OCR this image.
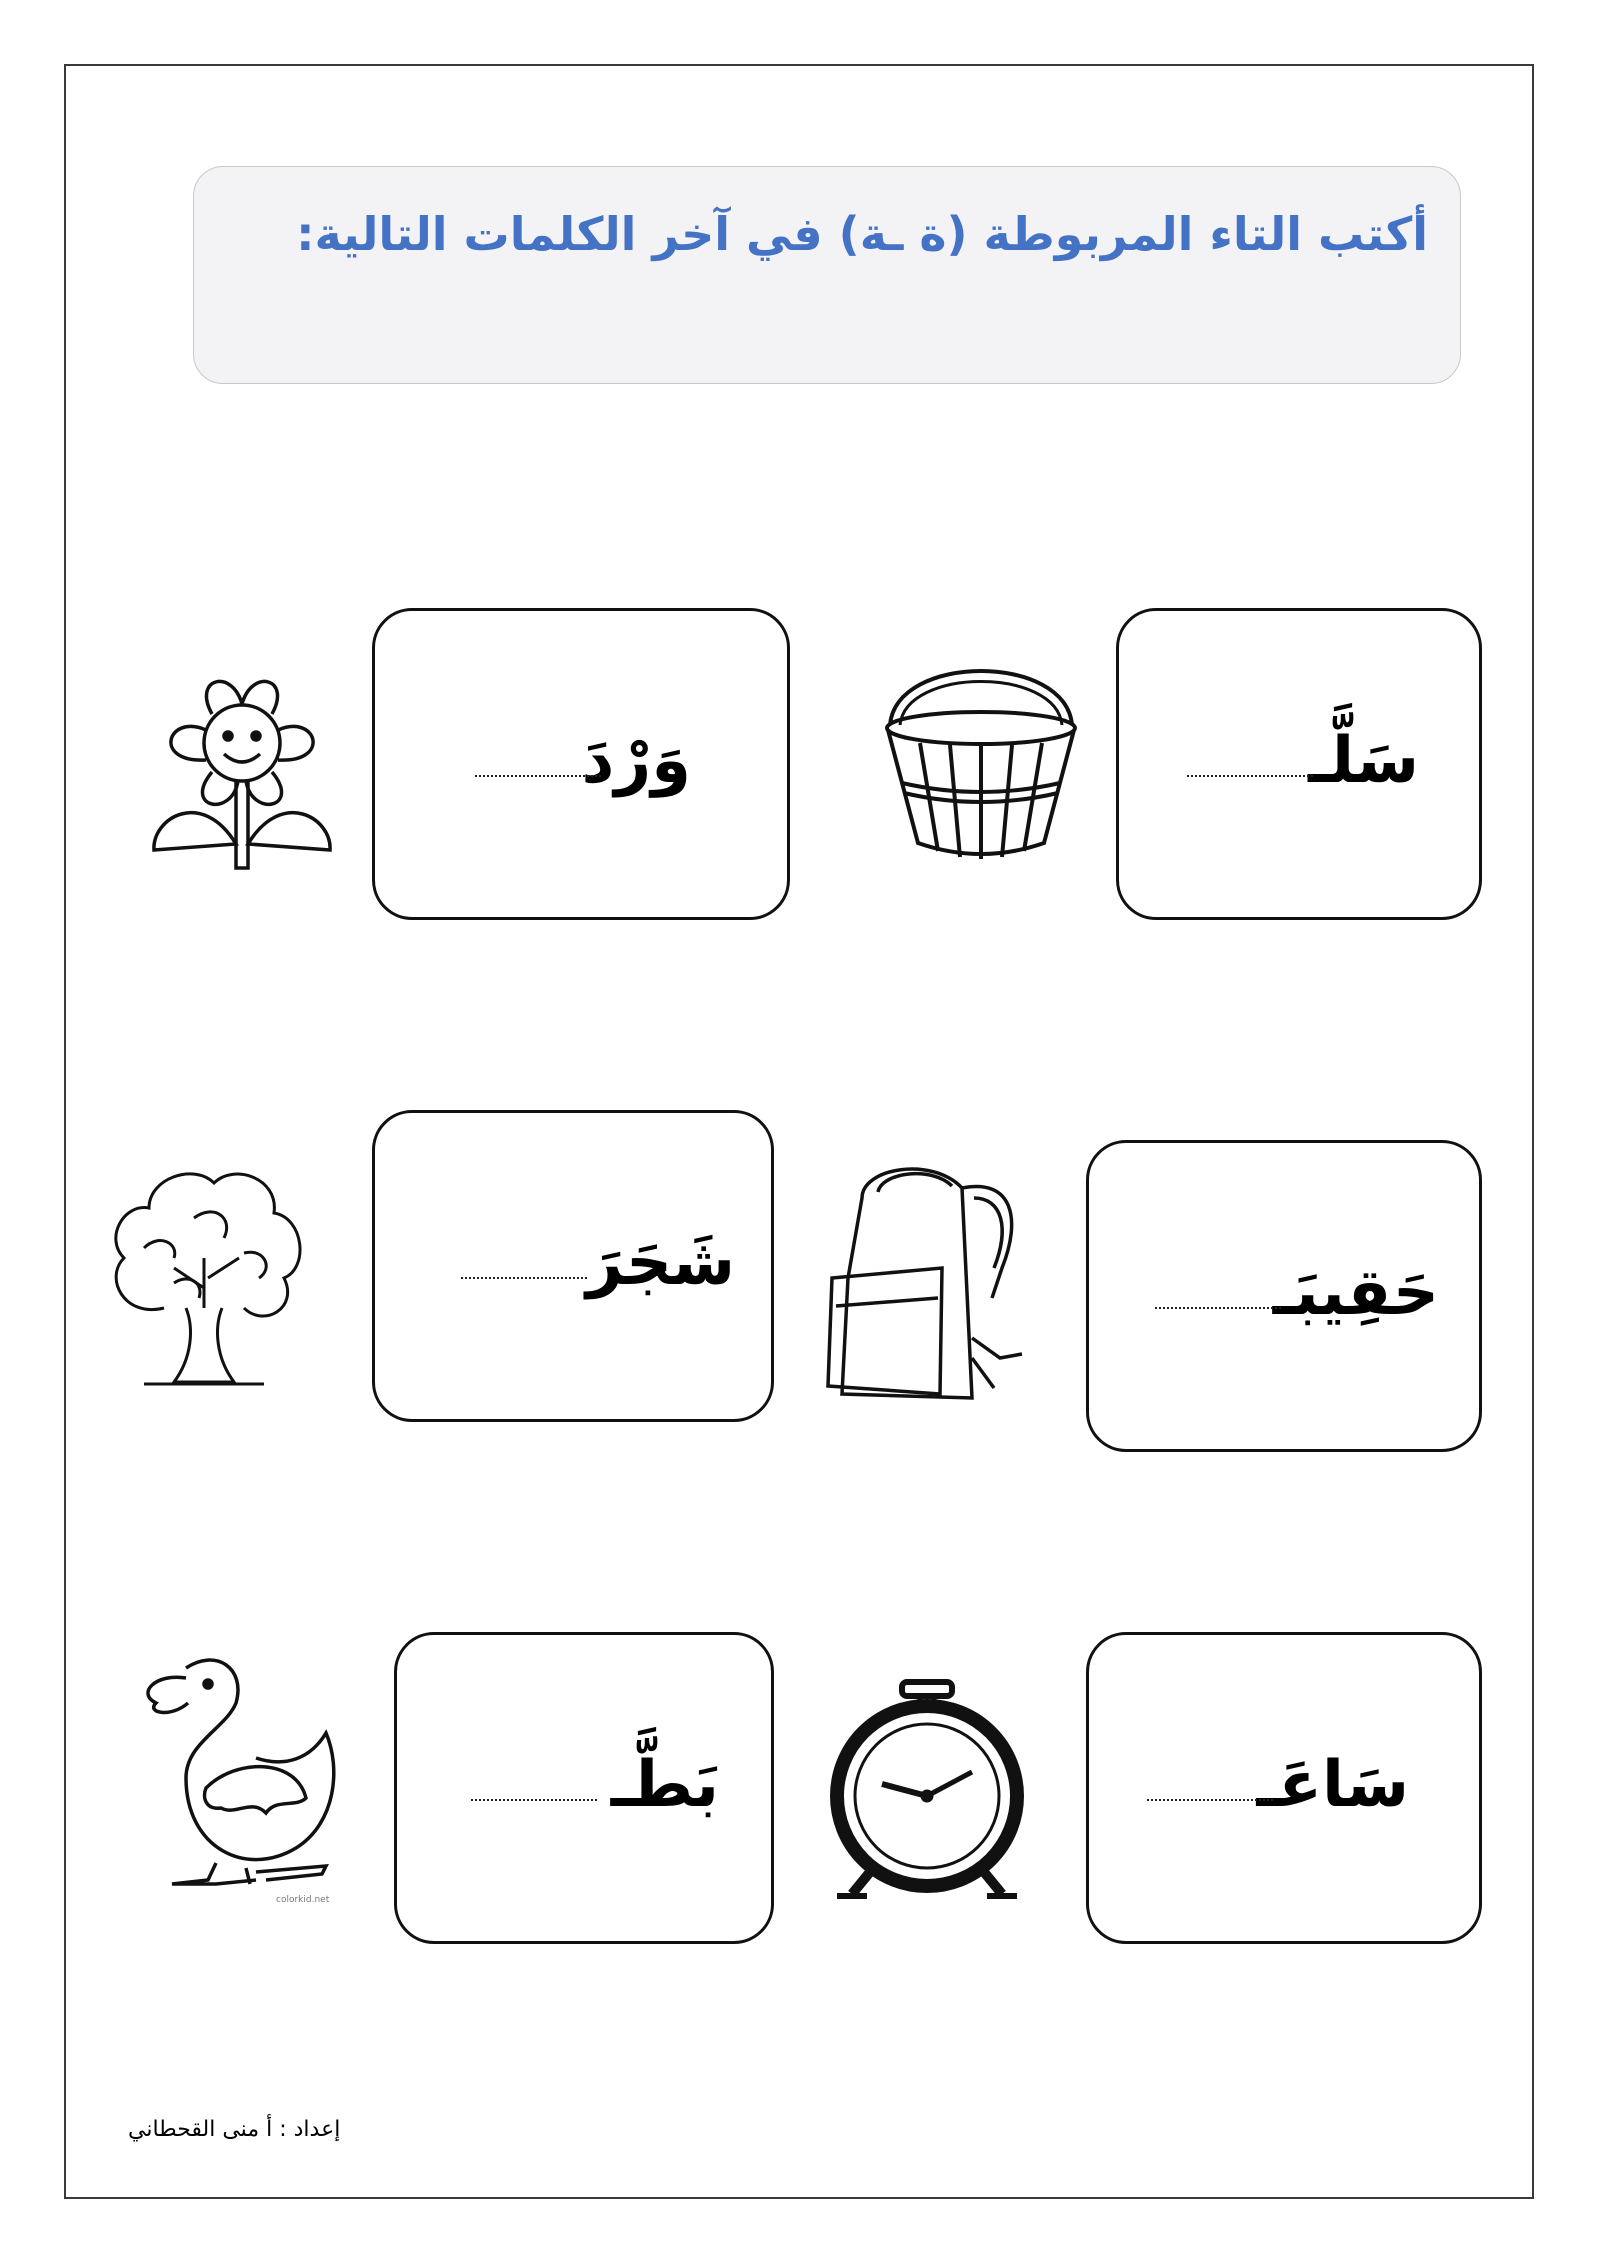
أكتب التاء المربوطة (ة ـة) في آخر الكلمات التالية:
سَلَّـ
وَرْدَ
حَقِيبَـ
شَجَرَ
سَاعَـ
بَطَّـ
colorkid.net
إعداد : أ منى القحطاني
